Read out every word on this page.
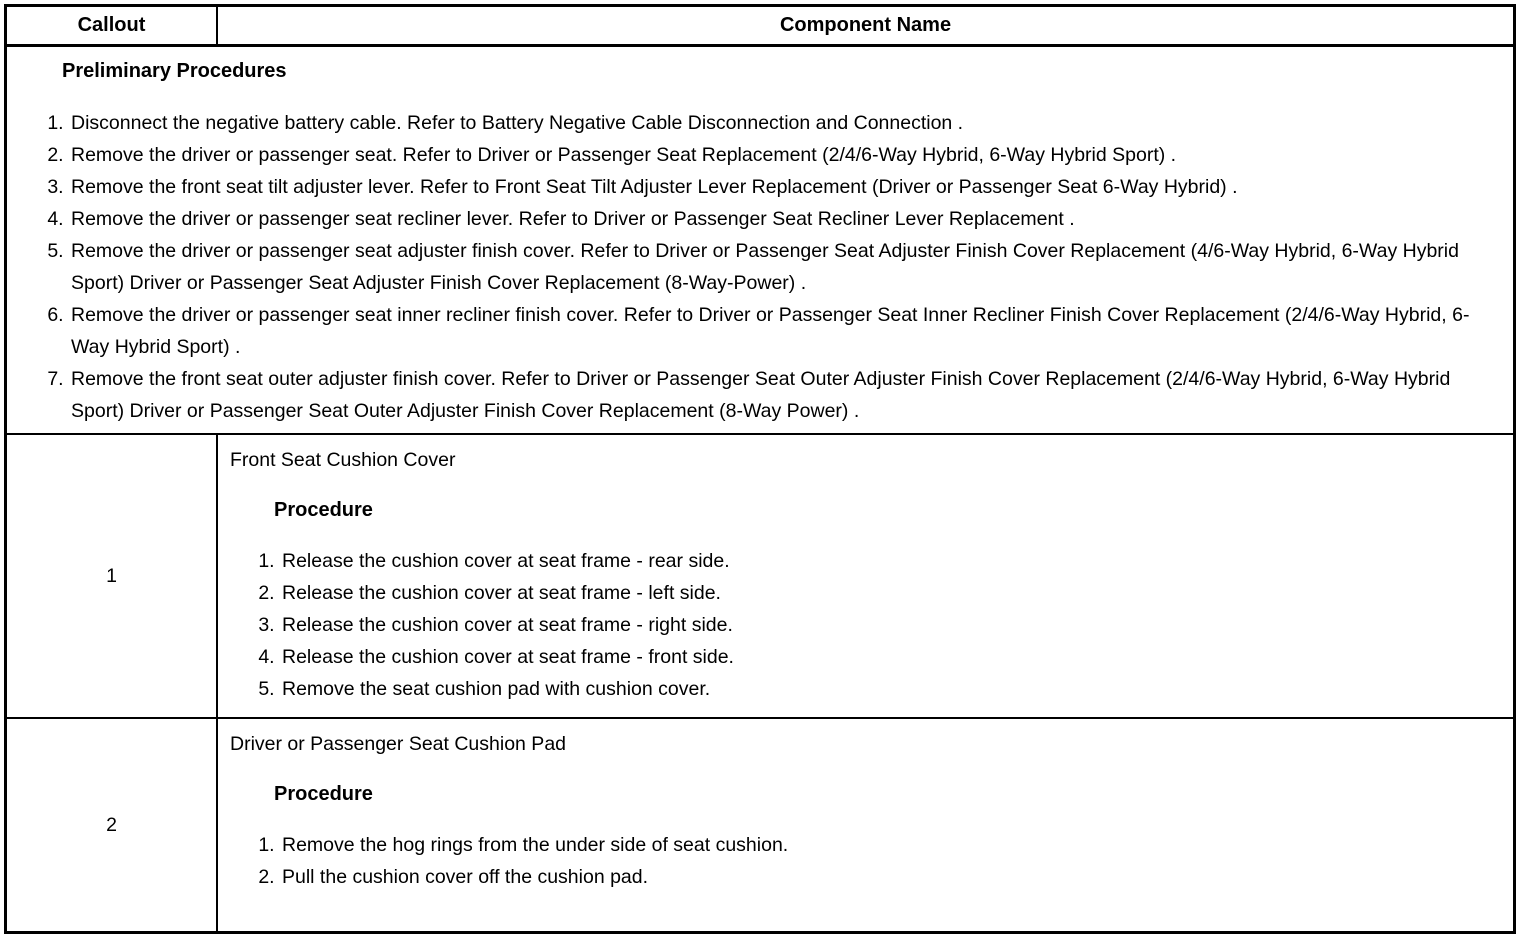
Callout	Component Name
Preliminary Procedures
1. Disconnect the negative battery cable. Refer to Battery Negative Cable Disconnection and Connection .
2. Remove the driver or passenger seat. Refer to Driver or Passenger Seat Replacement (2/4/6-Way Hybrid, 6-Way Hybrid Sport) .
3. Remove the front seat tilt adjuster lever. Refer to Front Seat Tilt Adjuster Lever Replacement (Driver or Passenger Seat 6-Way Hybrid) .
4. Remove the driver or passenger seat recliner lever. Refer to Driver or Passenger Seat Recliner Lever Replacement .
5. Remove the driver or passenger seat adjuster finish cover. Refer to Driver or Passenger Seat Adjuster Finish Cover Replacement (4/6-Way Hybrid, 6-Way Hybrid Sport) Driver or Passenger Seat Adjuster Finish Cover Replacement (8-Way-Power) .
6. Remove the driver or passenger seat inner recliner finish cover. Refer to Driver or Passenger Seat Inner Recliner Finish Cover Replacement (2/4/6-Way Hybrid, 6-Way Hybrid Sport) .
7. Remove the front seat outer adjuster finish cover. Refer to Driver or Passenger Seat Outer Adjuster Finish Cover Replacement (2/4/6-Way Hybrid, 6-Way Hybrid Sport) Driver or Passenger Seat Outer Adjuster Finish Cover Replacement (8-Way Power) .
1
Front Seat Cushion Cover
Procedure
1. Release the cushion cover at seat frame - rear side.
2. Release the cushion cover at seat frame - left side.
3. Release the cushion cover at seat frame - right side.
4. Release the cushion cover at seat frame - front side.
5. Remove the seat cushion pad with cushion cover.
2
Driver or Passenger Seat Cushion Pad
Procedure
1. Remove the hog rings from the under side of seat cushion.
2. Pull the cushion cover off the cushion pad.
